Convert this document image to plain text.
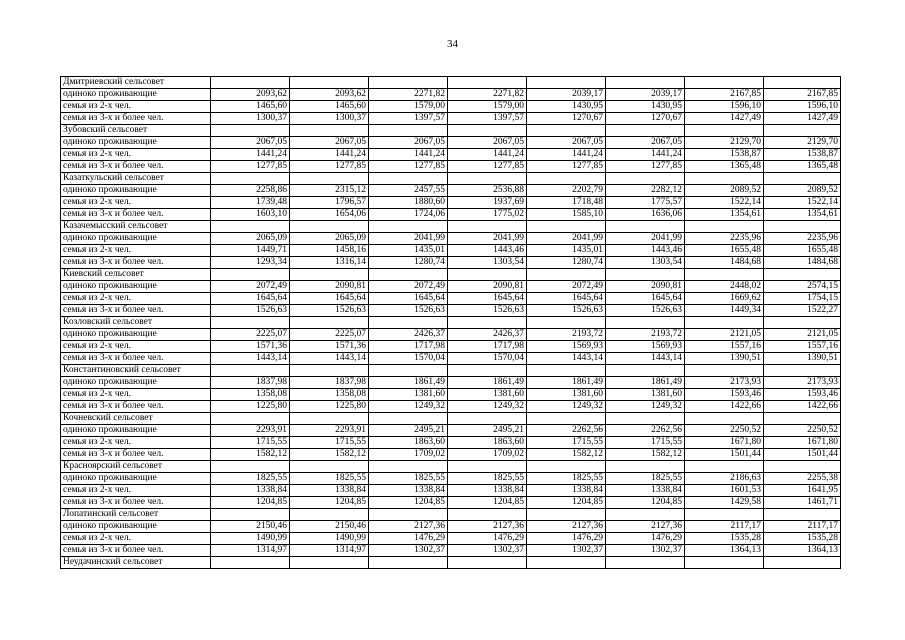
34
Дмитриевский сельсовет								
одиноко проживающие	2093,62	2093,62	2271,82	2271,82	2039,17	2039,17	2167,85	2167,85
семья из 2-х чел.	1465,60	1465,60	1579,00	1579,00	1430,95	1430,95	1596,10	1596,10
семья из 3-х и более чел.	1300,37	1300,37	1397,57	1397,57	1270,67	1270,67	1427,49	1427,49
Зубовский сельсовет								
одиноко проживающие	2067,05	2067,05	2067,05	2067,05	2067,05	2067,05	2129,70	2129,70
семья из 2-х чел.	1441,24	1441,24	1441,24	1441,24	1441,24	1441,24	1538,87	1538,87
семья из 3-х и более чел.	1277,85	1277,85	1277,85	1277,85	1277,85	1277,85	1365,48	1365,48
Казаткульский сельсовет								
одиноко проживающие	2258,86	2315,12	2457,55	2536,88	2202,79	2282,12	2089,52	2089,52
семья из 2-х чел.	1739,48	1796,57	1880,60	1937,69	1718,48	1775,57	1522,14	1522,14
семья из 3-х и более чел.	1603,10	1654,06	1724,06	1775,02	1585,10	1636,06	1354,61	1354,61
Казачемысский сельсовет								
одиноко проживающие	2065,09	2065,09	2041,99	2041,99	2041,99	2041,99	2235,96	2235,96
семья из 2-х чел.	1449,71	1458,16	1435,01	1443,46	1435,01	1443,46	1655,48	1655,48
семья из 3-х и более чел.	1293,34	1316,14	1280,74	1303,54	1280,74	1303,54	1484,68	1484,68
Киевский сельсовет								
одиноко проживающие	2072,49	2090,81	2072,49	2090,81	2072,49	2090,81	2448,02	2574,15
семья из 2-х чел.	1645,64	1645,64	1645,64	1645,64	1645,64	1645,64	1669,62	1754,15
семья из 3-х и более чел.	1526,63	1526,63	1526,63	1526,63	1526,63	1526,63	1449,34	1522,27
Козловский сельсовет								
одиноко проживающие	2225,07	2225,07	2426,37	2426,37	2193,72	2193,72	2121,05	2121,05
семья из 2-х чел.	1571,36	1571,36	1717,98	1717,98	1569,93	1569,93	1557,16	1557,16
семья из 3-х и более чел.	1443,14	1443,14	1570,04	1570,04	1443,14	1443,14	1390,51	1390,51
Константиновский сельсовет								
одиноко проживающие	1837,98	1837,98	1861,49	1861,49	1861,49	1861,49	2173,93	2173,93
семья из 2-х чел.	1358,08	1358,08	1381,60	1381,60	1381,60	1381,60	1593,46	1593,46
семья из 3-х и более чел.	1225,80	1225,80	1249,32	1249,32	1249,32	1249,32	1422,66	1422,66
Кочневский сельсовет								
одиноко проживающие	2293,91	2293,91	2495,21	2495,21	2262,56	2262,56	2250,52	2250,52
семья из 2-х чел.	1715,55	1715,55	1863,60	1863,60	1715,55	1715,55	1671,80	1671,80
семья из 3-х и более чел.	1582,12	1582,12	1709,02	1709,02	1582,12	1582,12	1501,44	1501,44
Красноярский сельсовет								
одиноко проживающие	1825,55	1825,55	1825,55	1825,55	1825,55	1825,55	2186,63	2255,38
семья из 2-х чел.	1338,84	1338,84	1338,84	1338,84	1338,84	1338,84	1601,53	1641,95
семья из 3-х и более чел.	1204,85	1204,85	1204,85	1204,85	1204,85	1204,85	1429,58	1461,71
Лопатинский сельсовет								
одиноко проживающие	2150,46	2150,46	2127,36	2127,36	2127,36	2127,36	2117,17	2117,17
семья из 2-х чел.	1490,99	1490,99	1476,29	1476,29	1476,29	1476,29	1535,28	1535,28
семья из 3-х и более чел.	1314,97	1314,97	1302,37	1302,37	1302,37	1302,37	1364,13	1364,13
Неудачинский сельсовет								
